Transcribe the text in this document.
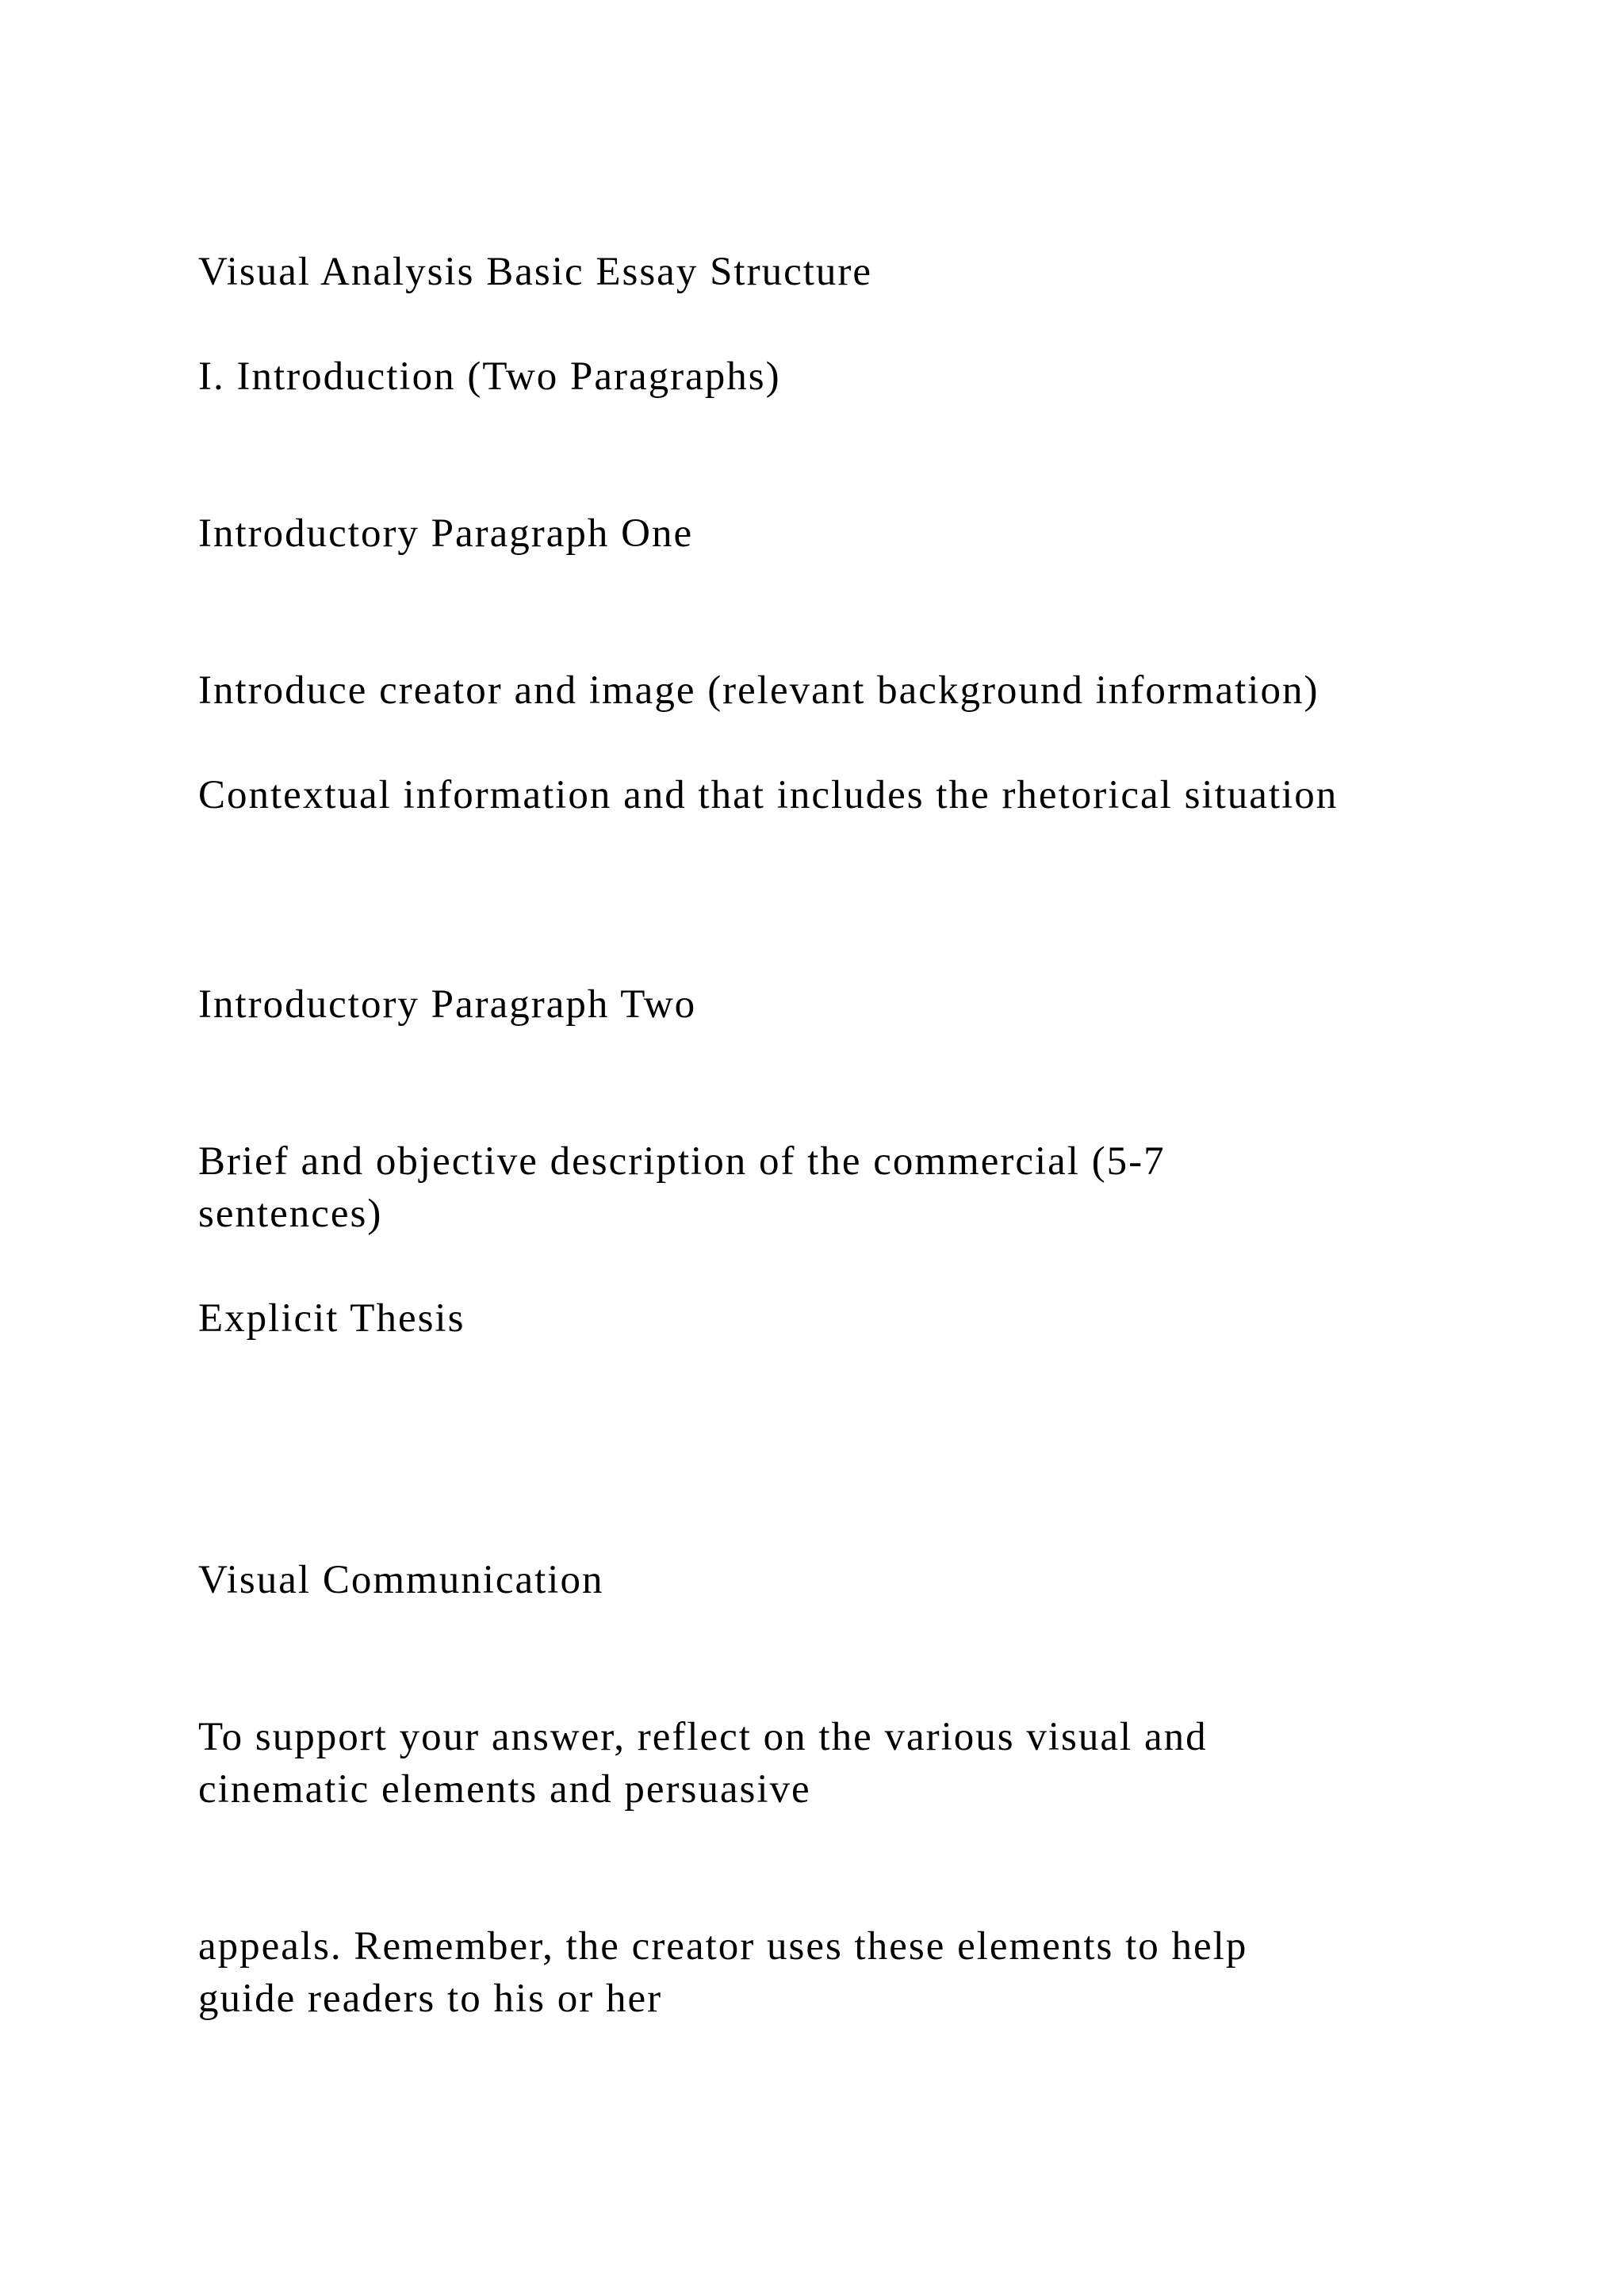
Visual Analysis Basic Essay Structure

I. Introduction (Two Paragraphs)

Introductory Paragraph One

Introduce creator and image (relevant background information)

Contextual information and that includes the rhetorical situation

Introductory Paragraph Two

Brief and objective description of the commercial (5-7

sentences)

Explicit Thesis

Visual Communication

To support your answer, reflect on the various visual and

cinematic elements and persuasive

appeals. Remember, the creator uses these elements to help

guide readers to his or her
